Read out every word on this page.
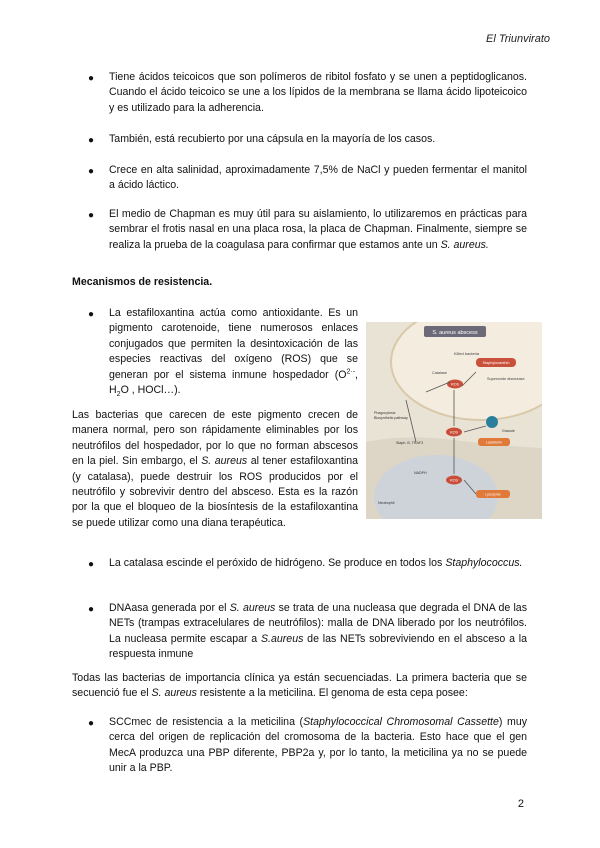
El Triunvirato
● Tiene ácidos teicoicos que son polímeros de ribitol fosfato y se unen a peptidoglicanos. Cuando el ácido teicoico se une a los lípidos de la membrana se llama ácido lipoteicoico y es utilizado para la adherencia.
● También, está recubierto por una cápsula en la mayoría de los casos.
● Crece en alta salinidad, aproximadamente 7,5% de NaCl y pueden fermentar el manitol a ácido láctico.
● El medio de Chapman es muy útil para su aislamiento, lo utilizaremos en prácticas para sembrar el frotis nasal en una placa rosa, la placa de Chapman. Finalmente, siempre se realiza la prueba de la coagulasa para confirmar que estamos ante un S. aureus.
Mecanismos de resistencia.
● La estafiloxantina actúa como antioxidante. Es un pigmento carotenoide, tiene numerosos enlaces conjugados que permiten la desintoxicación de las especies reactivas del oxígeno (ROS) que se generan por el sistema inmune hospedador ($O^{2\cdot-}$, $H_2O$ , HOCl…).
Las bacterias que carecen de este pigmento crecen de manera normal, pero son rápidamente eliminables por los neutrófilos del hospedador, por lo que no forman abscesos en la piel. Sin embargo, el S. aureus al tener estafiloxantina (y catalasa), puede destruir los ROS producidos por el neutrófilo y sobrevivir dentro del absceso. Esta es la razón por la que el bloqueo de la biosíntesis de la estafiloxantina se puede utilizar como una diana terapéutica.
S. aureus abscess
Killed bacteria
Staphyloxanthin
Catalase
Superoxide dismutase
ROS
ROS
ROS
Phagocytosis
Biosynthetic pathway
Staph. B, TRAF3
Granule
NADPH
Lactoferrin
Lysozyme
Neutrophil
● La catalasa escinde el peróxido de hidrógeno. Se produce en todos los Staphylococcus.
● DNAasa generada por el S. aureus se trata de una nucleasa que degrada el DNA de las NETs (trampas extracelulares de neutrófilos): malla de DNA liberado por los neutrófilos. La nucleasa permite escapar a S.aureus de las NETs sobreviviendo en el absceso a la respuesta inmune
Todas las bacterias de importancia clínica ya están secuenciadas. La primera bacteria que se secuenció fue el S. aureus resistente a la meticilina. El genoma de esta cepa posee:
● SCCmec de resistencia a la meticilina (Staphylococcical Chromosomal Cassette) muy cerca del origen de replicación del cromosoma de la bacteria. Esto hace que el gen MecA produzca una PBP diferente, PBP2a y, por lo tanto, la meticilina ya no se puede unir a la PBP.
2
